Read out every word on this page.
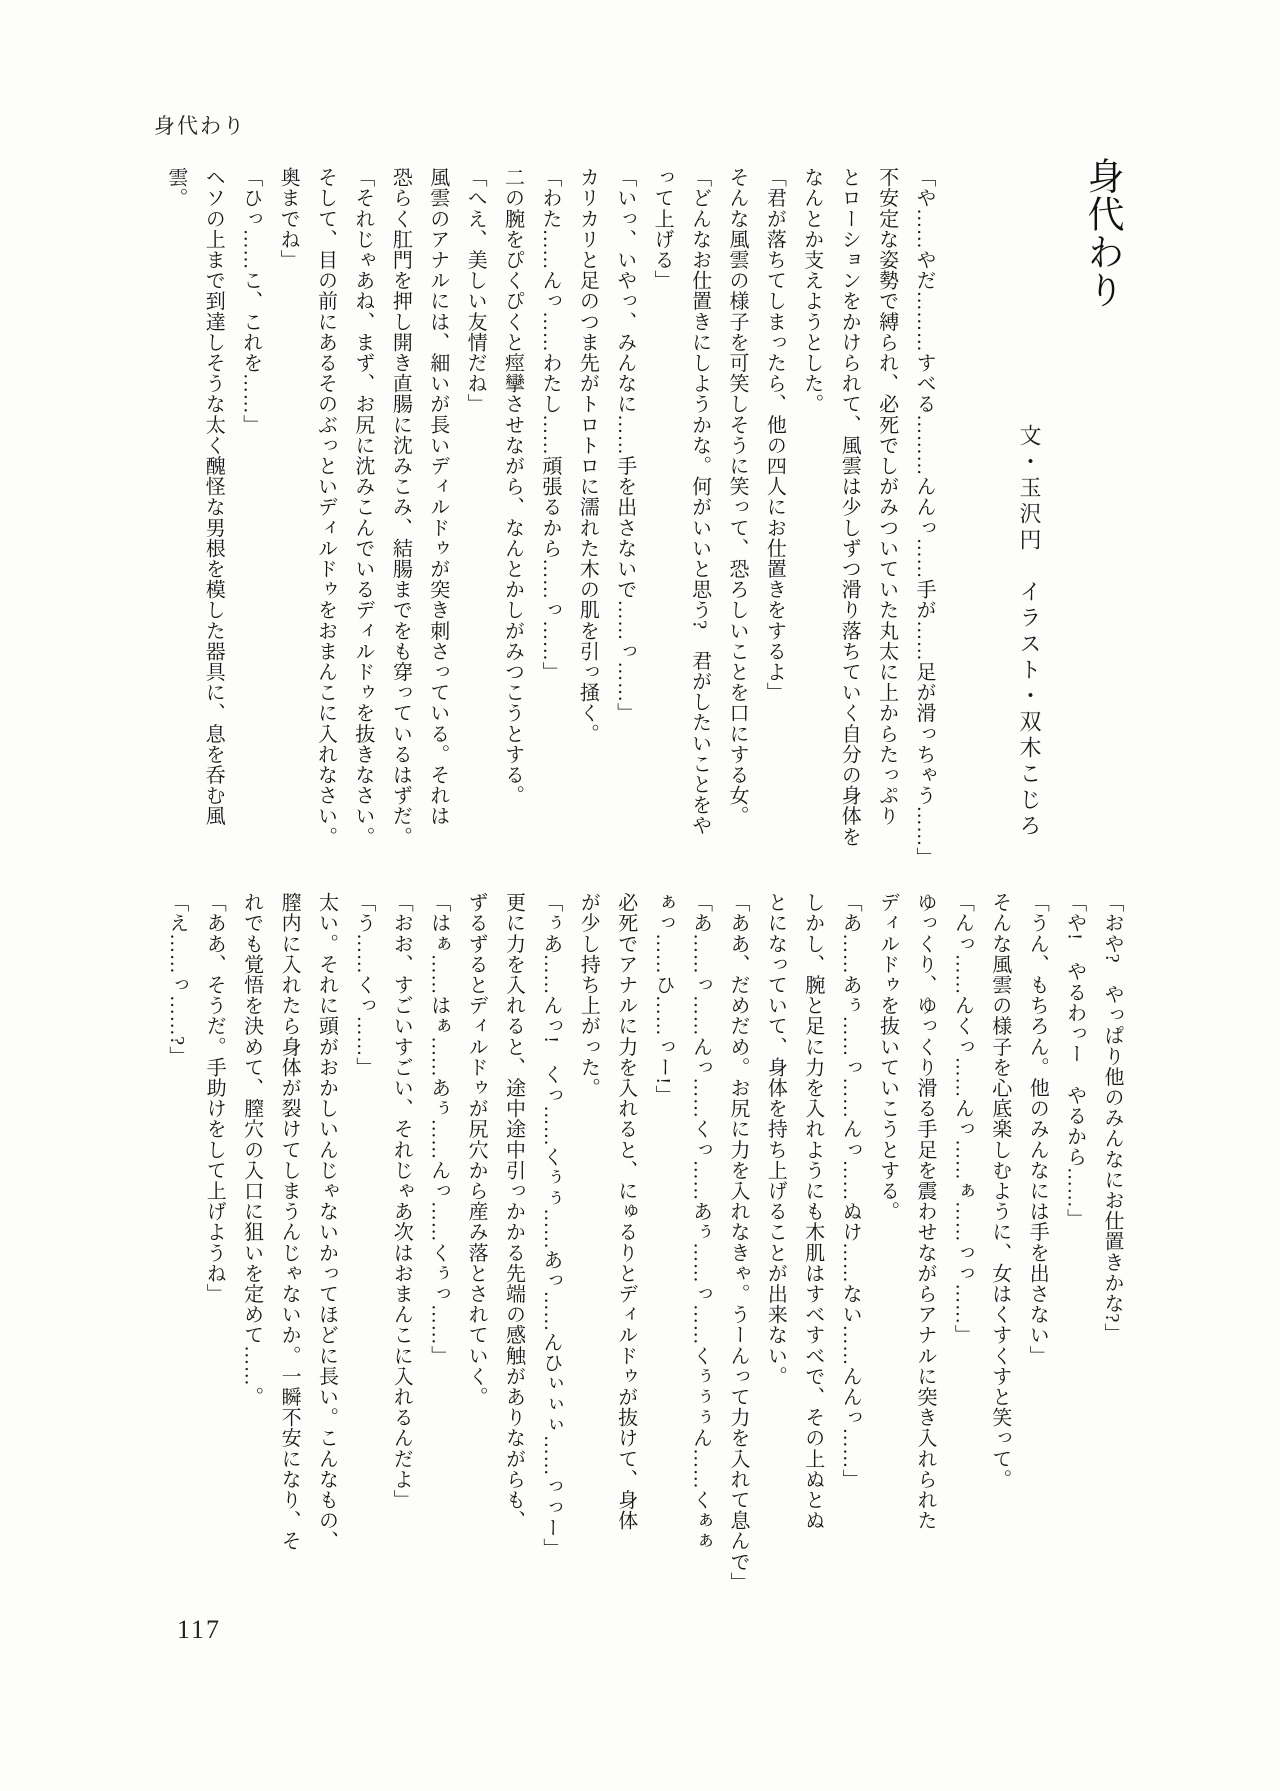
身代わり
身代わり
文・玉沢円　イラスト・双木こじろ

「や……やだ………すべる………んんっ……手が……足が滑っちゃう……」

不安定な姿勢で縛られ、必死でしがみついていた丸太に上からたっぷり

とローションをかけられて、風雲は少しずつ滑り落ちていく自分の身体を

なんとか支えようとした。

「君が落ちてしまったら、他の四人にお仕置きをするよ」

そんな風雲の様子を可笑しそうに笑って、恐ろしいことを口にする女。

「どんなお仕置きにしようかな。何がいいと思う?　君がしたいことをや

って上げる」

「いっ、いやっ、みんなに……手を出さないで……っ……」

カリカリと足のつま先がトロトロに濡れた木の肌を引っ掻く。

「わた……んっ……わたし……頑張るから……っ……」

二の腕をぴくぴくと痙攣させながら、なんとかしがみつこうとする。

「へえ、美しい友情だね」

風雲のアナルには、細いが長いディルドゥが突き刺さっている。それは

恐らく肛門を押し開き直腸に沈みこみ、結腸までをも穿っているはずだ。

「それじゃあね、まず、お尻に沈みこんでいるディルドゥを抜きなさい。

そして、目の前にあるそのぶっといディルドゥをおまんこに入れなさい。

奥までね」

「ひっ……こ、これを……」

ヘソの上まで到達しそうな太く醜怪な男根を模した器具に、息を呑む風

雲。

「おや?　やっぱり他のみんなにお仕置きかな?」

「や!　やるわっー　やるから……」

「うん、もちろん。他のみんなには手を出さない」

そんな風雲の様子を心底楽しむように、女はくすくすと笑って。

「んっ……んくっ……んっ……ぁ……っっ……」

ゆっくり、ゆっくり滑る手足を震わせながらアナルに突き入れられた

ディルドゥを抜いていこうとする。

「あ……あぅ……っ……んっ……ぬけ……ない……んんっ……」

しかし、腕と足に力を入れようにも木肌はすべすべで、その上ぬとぬ

とになっていて、身体を持ち上げることが出来ない。

「ああ、だめだめ。お尻に力を入れなきゃ。うーんって力を入れて息んで」

「あ……っ……んっ……くっ……あぅ……っ……くぅぅぅん……くぁぁ

ぁっ……ひ……っー!」

必死でアナルに力を入れると、にゅるりとディルドゥが抜けて、身体

が少し持ち上がった。

「ぅあ……んっ!　くっ……くぅぅ……あっ……んひぃぃぃ……っっー」

更に力を入れると、途中途中引っかかる先端の感触がありながらも、

ずるずるとディルドゥが尻穴から産み落とされていく。

「はぁ……はぁ……あぅ……んっ……くぅっ……」

「おお、すごいすごい、それじゃあ次はおまんこに入れるんだよ」

「う……くっ……」

太い。それに頭がおかしいんじゃないかってほどに長い。こんなもの、

膣内に入れたら身体が裂けてしまうんじゃないか。一瞬不安になり、そ

れでも覚悟を決めて、膣穴の入口に狙いを定めて……。

「ああ、そうだ。手助けをして上げようね」

「え……っ……?」

117
